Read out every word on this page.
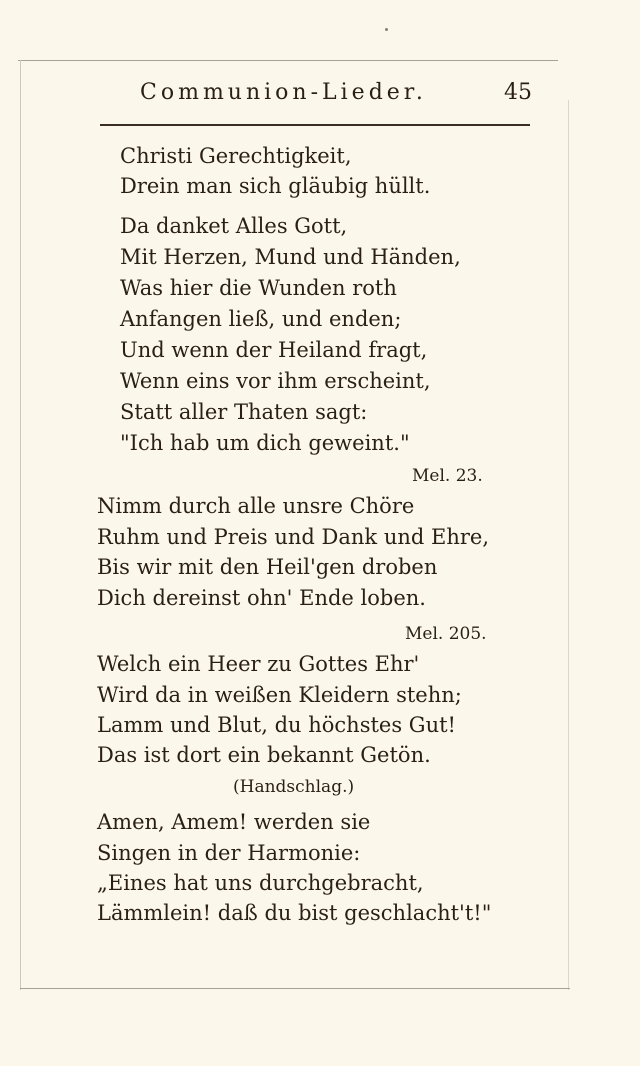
Communion-Lieder.	45
Christi Gerechtigkeit,
Drein man sich gläubig hüllt.
Da danket Alles Gott,
Mit Herzen, Mund und Händen,
Was hier die Wunden roth
Anfangen ließ, und enden;
Und wenn der Heiland fragt,
Wenn eins vor ihm erscheint,
Statt aller Thaten sagt:
"Ich hab um dich geweint."
Mel. 23.
Nimm durch alle unsre Chöre
Ruhm und Preis und Dank und Ehre,
Bis wir mit den Heil'gen droben
Dich dereinst ohn' Ende loben.
Mel. 205.
Welch ein Heer zu Gottes Ehr'
Wird da in weißen Kleidern stehn;
Lamm und Blut, du höchstes Gut!
Das ist dort ein bekannt Getön.
(Handschlag.)
Amen, Amem! werden sie
Singen in der Harmonie:
„Eines hat uns durchgebracht,
Lämmlein! daß du bist geschlacht't!"
